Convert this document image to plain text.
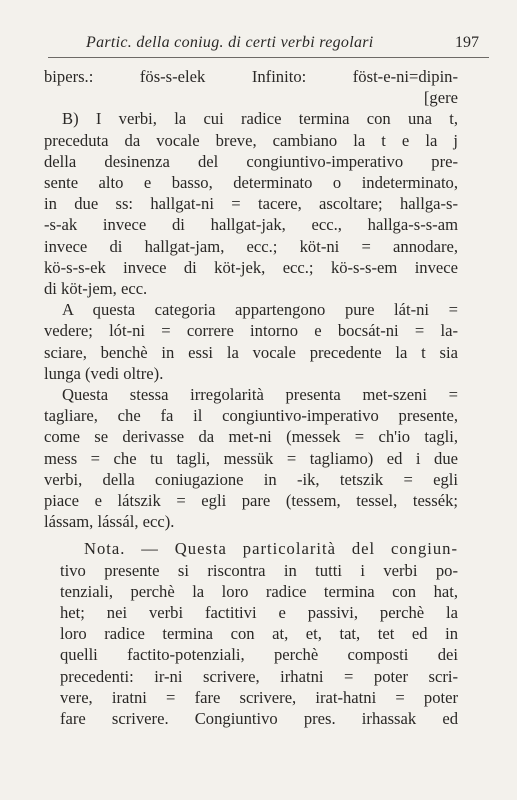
Partic. della coniug. di certi verbi regolari	197
bipers.: fös-s-elek Infinito: föst-e-ni=dipin-
[gere
B) I verbi, la cui radice termina con una t,
preceduta da vocale breve, cambiano la t e la j
della desinenza del congiuntivo-imperativo pre-
sente alto e basso, determinato o indeterminato,
in due ss: hallgat-ni = tacere, ascoltare; hallga-s-
-s-ak invece di hallgat-jak, ecc., hallga-s-s-am
invece di hallgat-jam, ecc.; köt-ni = annodare,
kö-s-s-ek invece di köt-jek, ecc.; kö-s-s-em invece
di köt-jem, ecc.
A questa categoria appartengono pure lát-ni =
vedere; lót-ni = correre intorno e bocsát-ni = la-
sciare, benchè in essi la vocale precedente la t sia
lunga (vedi oltre).
Questa stessa irregolarità presenta met-szeni =
tagliare, che fa il congiuntivo-imperativo presente,
come se derivasse da met-ni (messek = ch'io tagli,
mess = che tu tagli, messük = tagliamo) ed i due
verbi, della coniugazione in -ik, tetszik = egli
piace e látszik = egli pare (tessem, tessel, tessék;
lássam, lássál, ecc).
Nota. — Questa particolarità del congiun-
tivo presente si riscontra in tutti i verbi po-
tenziali, perchè la loro radice termina con hat,
het; nei verbi factitivi e passivi, perchè la
loro radice termina con at, et, tat, tet ed in
quelli factito-potenziali, perchè composti dei
precedenti: ir-ni scrivere, irhatni = poter scri-
vere, iratni = fare scrivere, irat-hatni = poter
fare scrivere. Congiuntivo pres. irhassak ed
